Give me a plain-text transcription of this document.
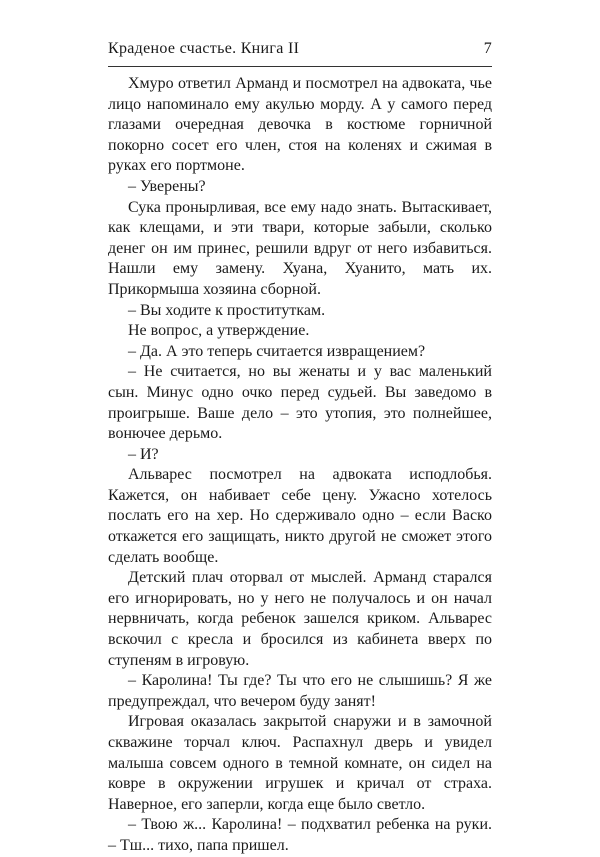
Краденое счастье. Книга II	7

Хмуро ответил Арманд и посмотрел на адвоката, чье лицо напоминало ему акулью морду. А у самого перед глазами очередная девочка в костюме горничной покорно сосет его член, стоя на коленях и сжимая в руках его портмоне.

– Уверены?

Сука пронырливая, все ему надо знать. Вытаскивает, как клещами, и эти твари, которые забыли, сколько денег он им принес, решили вдруг от него избавиться. Нашли ему замену. Хуана, Хуанито, мать их. Прикормыша хозяина сборной.

– Вы ходите к проституткам.

Не вопрос, а утверждение.

– Да. А это теперь считается извращением?

– Не считается, но вы женаты и у вас маленький сын. Минус одно очко перед судьей. Вы заведомо в проигрыше. Ваше дело – это утопия, это полнейшее, вонючее дерьмо.

– И?

Альварес посмотрел на адвоката исподлобья. Кажется, он набивает себе цену. Ужасно хотелось послать его на хер. Но сдерживало одно – если Васко откажется его защищать, никто другой не сможет этого сделать вообще.

Детский плач оторвал от мыслей. Арманд старался его игнорировать, но у него не получалось и он начал нервничать, когда ребенок зашелся криком. Альварес вскочил с кресла и бросился из кабинета вверх по ступеням в игровую.

– Каролина! Ты где? Ты что его не слышишь? Я же предупреждал, что вечером буду занят!

Игровая оказалась закрытой снаружи и в замочной скважине торчал ключ. Распахнул дверь и увидел малыша совсем одного в темной комнате, он сидел на ковре в окружении игрушек и кричал от страха. Наверное, его заперли, когда еще было светло.

– Твою ж... Каролина! – подхватил ребенка на руки. – Тш... тихо, папа пришел.
